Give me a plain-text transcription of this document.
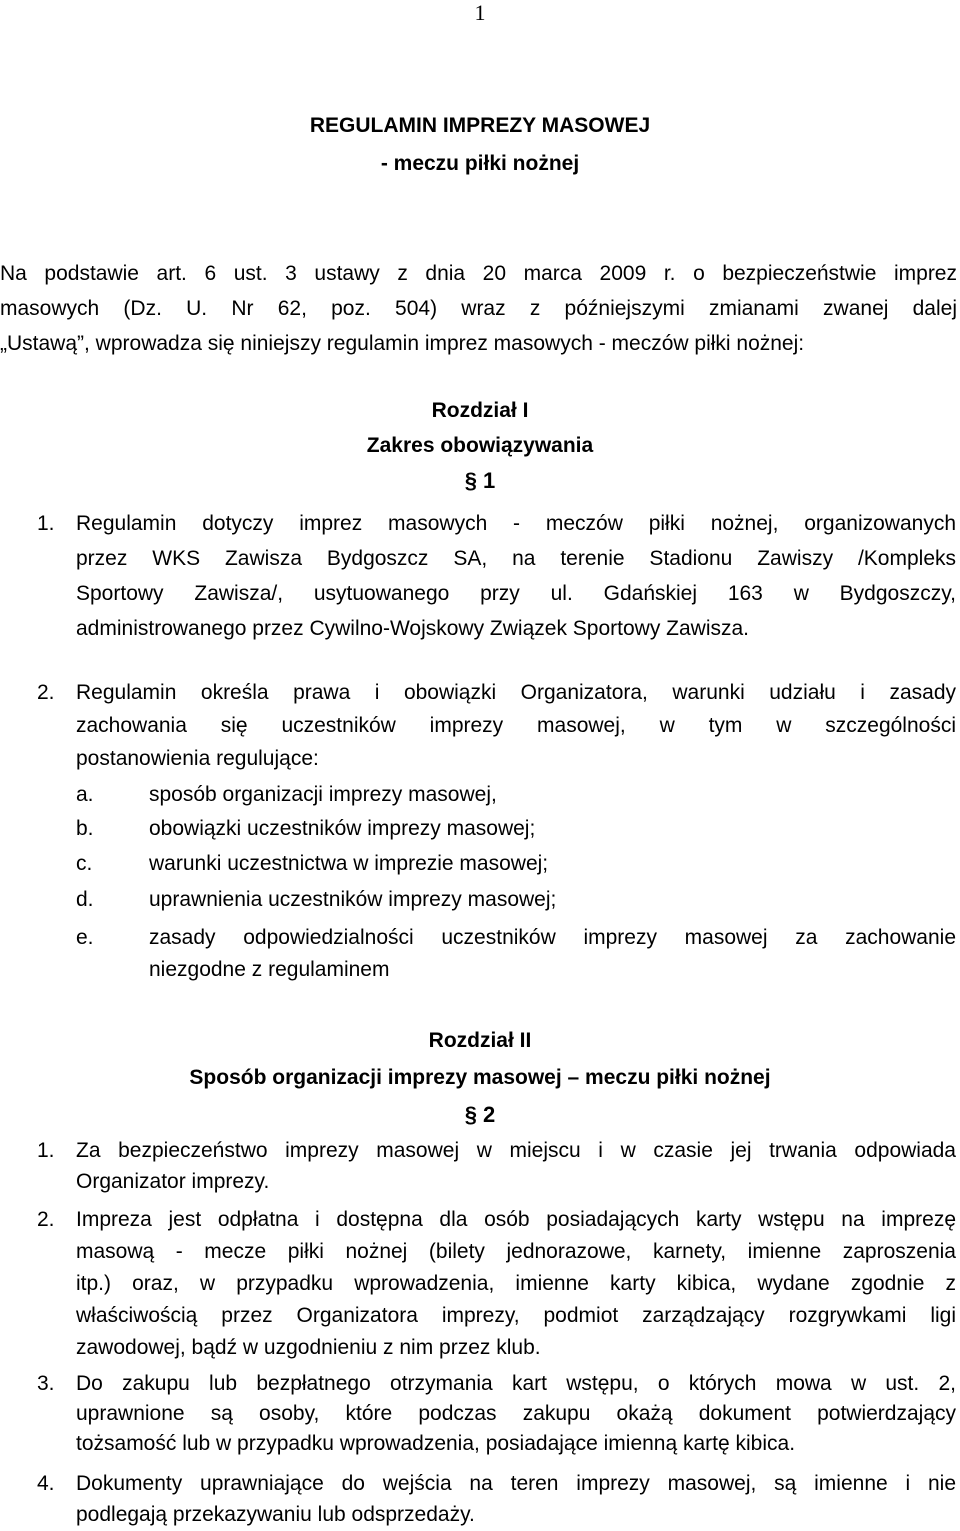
1
REGULAMIN IMPREZY MASOWEJ
- meczu piłki nożnej

Na podstawie art. 6 ust. 3 ustawy z dnia 20 marca 2009 r. o bezpieczeństwie imprez
masowych (Dz. U. Nr 62, poz. 504) wraz z późniejszymi zmianami zwanej dalej
„Ustawą”, wprowadza się niniejszy regulamin imprez masowych - meczów piłki nożnej:

Rozdział I
Zakres obowiązywania
§ 1
1. Regulamin dotyczy imprez masowych - meczów piłki nożnej, organizowanych
przez WKS Zawisza Bydgoszcz SA, na terenie Stadionu Zawiszy /Kompleks
Sportowy Zawisza/, usytuowanego przy ul. Gdańskiej 163 w Bydgoszczy,
administrowanego przez Cywilno-Wojskowy Związek Sportowy Zawisza.
2. Regulamin określa prawa i obowiązki Organizatora, warunki udziału i zasady
zachowania się uczestników imprezy masowej, w tym w szczególności
postanowienia regulujące:
a.	sposób organizacji imprezy masowej,
b.	obowiązki uczestników imprezy masowej;
c.	warunki uczestnictwa w imprezie masowej;
d.	uprawnienia uczestników imprezy masowej;
e.	zasady odpowiedzialności uczestników imprezy masowej za zachowanie
niezgodne z regulaminem
Rozdział II
Sposób organizacji imprezy masowej – meczu piłki nożnej
§ 2
1. Za bezpieczeństwo imprezy masowej w miejscu i w czasie jej trwania odpowiada
Organizator imprezy.
2. Impreza jest odpłatna i dostępna dla osób posiadających karty wstępu na imprezę
masową - mecze piłki nożnej (bilety jednorazowe, karnety, imienne zaproszenia
itp.) oraz, w przypadku wprowadzenia, imienne karty kibica, wydane zgodnie z
właściwością przez Organizatora imprezy, podmiot zarządzający rozgrywkami ligi
zawodowej, bądź w uzgodnieniu z nim przez klub.
3. Do zakupu lub bezpłatnego otrzymania kart wstępu, o których mowa w ust. 2,
uprawnione są osoby, które podczas zakupu okażą dokument potwierdzający
tożsamość lub w przypadku wprowadzenia, posiadające imienną kartę kibica.
4. Dokumenty uprawniające do wejścia na teren imprezy masowej, są imienne i nie
podlegają przekazywaniu lub odsprzedaży.
